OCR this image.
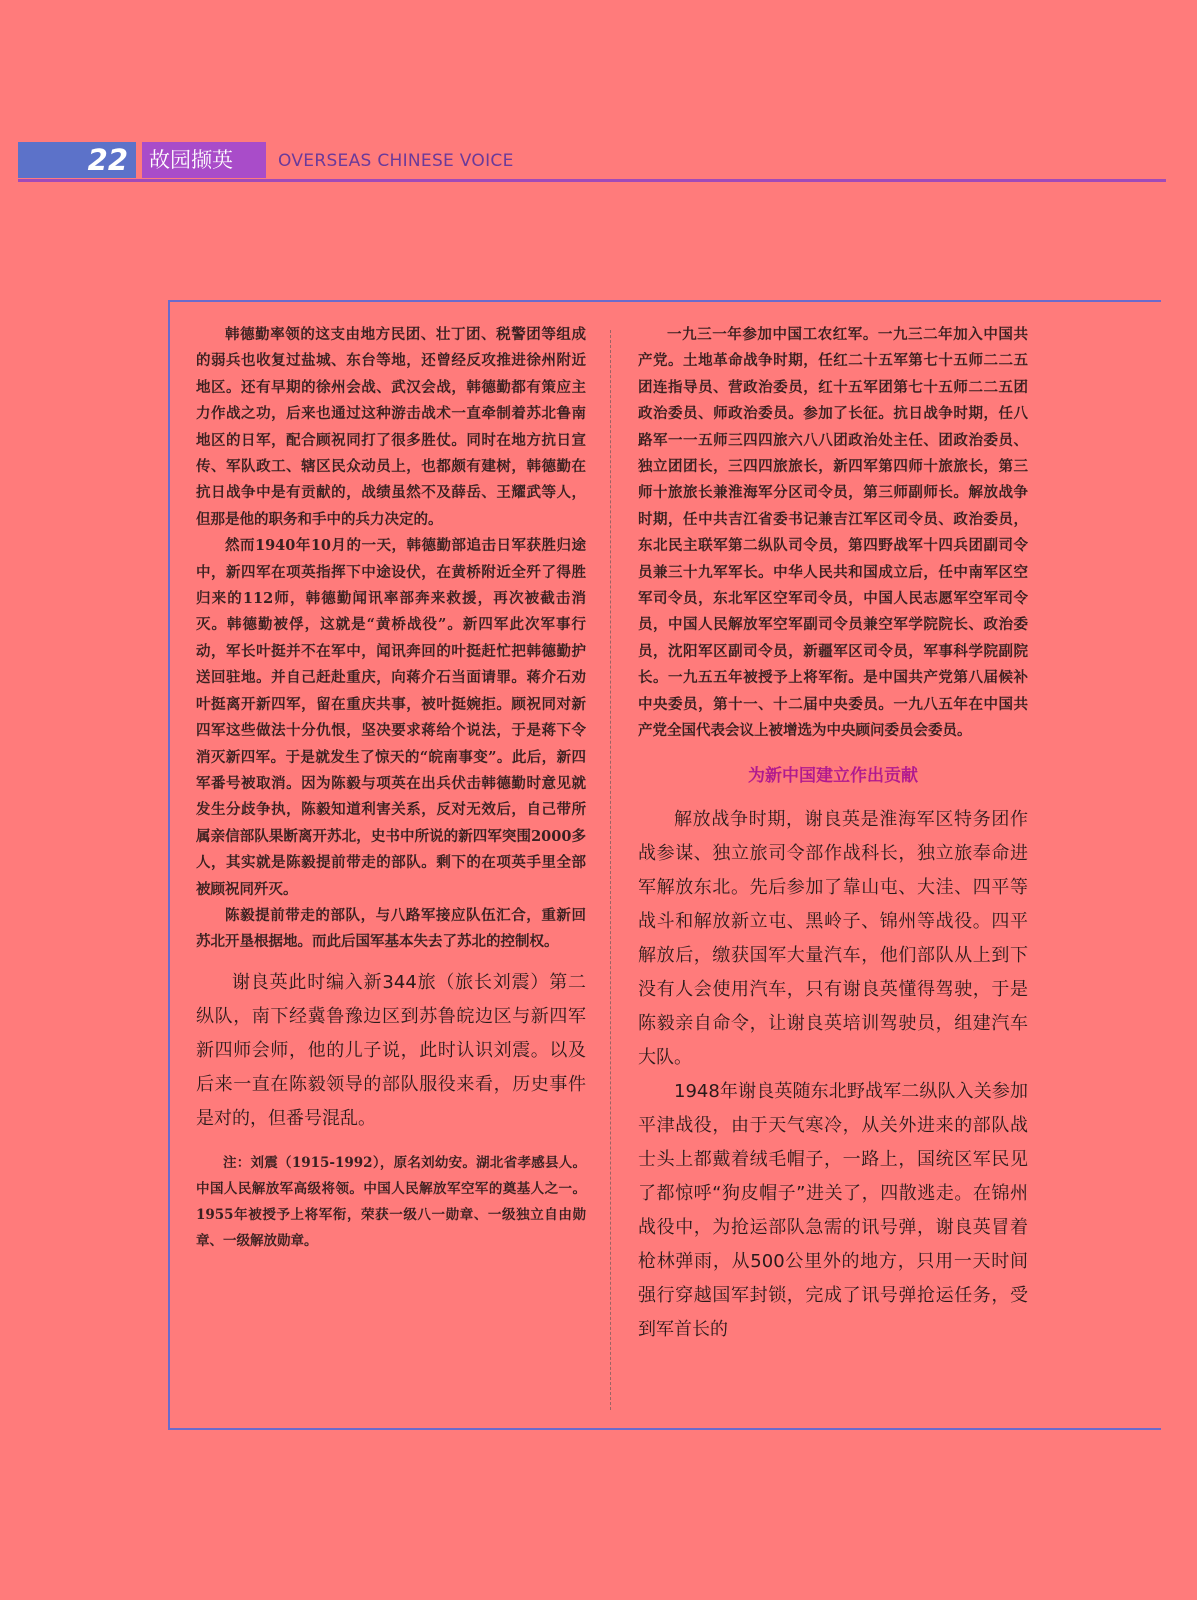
22 故园撷英	OVERSEAS CHINESE VOICE

韩德勤率领的这支由地方民团、壮丁团、税警团等组成的弱兵也收复过盐城、东台等地，还曾经反攻推进徐州附近地区。还有早期的徐州会战、武汉会战，韩德勤都有策应主力作战之功，后来也通过这种游击战术一直牵制着苏北鲁南地区的日军，配合顾祝同打了很多胜仗。同时在地方抗日宣传、军队政工、辖区民众动员上，也都颇有建树，韩德勤在抗日战争中是有贡献的，战绩虽然不及薛岳、王耀武等人，但那是他的职务和手中的兵力决定的。

然而1940年10月的一天，韩德勤部追击日军获胜归途中，新四军在项英指挥下中途设伏，在黄桥附近全歼了得胜归来的112师，韩德勤闻讯率部奔来救援，再次被截击消灭。韩德勤被俘，这就是“黄桥战役”。新四军此次军事行动，军长叶挺并不在军中，闻讯奔回的叶挺赶忙把韩德勤护送回驻地。并自己赶赴重庆，向蒋介石当面请罪。蒋介石劝叶挺离开新四军，留在重庆共事，被叶挺婉拒。顾祝同对新四军这些做法十分仇恨，坚决要求蒋给个说法，于是蒋下令消灭新四军。于是就发生了惊天的“皖南事变”。此后，新四军番号被取消。因为陈毅与项英在出兵伏击韩德勤时意见就发生分歧争执，陈毅知道利害关系，反对无效后，自己带所属亲信部队果断离开苏北，史书中所说的新四军突围2000多人，其实就是陈毅提前带走的部队。剩下的在项英手里全部被顾祝同歼灭。

陈毅提前带走的部队，与八路军接应队伍汇合，重新回苏北开垦根据地。而此后国军基本失去了苏北的控制权。

谢良英此时编入新344旅（旅长刘震）第二纵队，南下经冀鲁豫边区到苏鲁皖边区与新四军新四师会师，他的儿子说，此时认识刘震。以及后来一直在陈毅领导的部队服役来看，历史事件是对的，但番号混乱。

注：刘震（1915-1992），原名刘幼安。湖北省孝感县人。中国人民解放军高级将领。中国人民解放军空军的奠基人之一。1955年被授予上将军衔，荣获一级八一勋章、一级独立自由勋章、一级解放勋章。

一九三一年参加中国工农红军。一九三二年加入中国共产党。土地革命战争时期，任红二十五军第七十五师二二五团连指导员、营政治委员，红十五军团第七十五师二二五团政治委员、师政治委员。参加了长征。抗日战争时期，任八路军一一五师三四四旅六八八团政治处主任、团政治委员、独立团团长，三四四旅旅长，新四军第四师十旅旅长，第三师十旅旅长兼淮海军分区司令员，第三师副师长。解放战争时期，任中共吉江省委书记兼吉江军区司令员、政治委员，东北民主联军第二纵队司令员，第四野战军十四兵团副司令员兼三十九军军长。中华人民共和国成立后，任中南军区空军司令员，东北军区空军司令员，中国人民志愿军空军司令员，中国人民解放军空军副司令员兼空军学院院长、政治委员，沈阳军区副司令员，新疆军区司令员，军事科学院副院长。一九五五年被授予上将军衔。是中国共产党第八届候补中央委员，第十一、十二届中央委员。一九八五年在中国共产党全国代表会议上被增选为中央顾问委员会委员。

为新中国建立作出贡献

解放战争时期，谢良英是淮海军区特务团作战参谋、独立旅司令部作战科长，独立旅奉命进军解放东北。先后参加了靠山屯、大洼、四平等战斗和解放新立屯、黑岭子、锦州等战役。四平解放后，缴获国军大量汽车，他们部队从上到下没有人会使用汽车，只有谢良英懂得驾驶，于是陈毅亲自命令，让谢良英培训驾驶员，组建汽车大队。

1948年谢良英随东北野战军二纵队入关参加平津战役，由于天气寒冷，从关外进来的部队战士头上都戴着绒毛帽子，一路上，国统区军民见了都惊呼“狗皮帽子”进关了，四散逃走。在锦州战役中，为抢运部队急需的讯号弹，谢良英冒着枪林弹雨，从500公里外的地方，只用一天时间强行穿越国军封锁，完成了讯号弹抢运任务，受到军首长的
